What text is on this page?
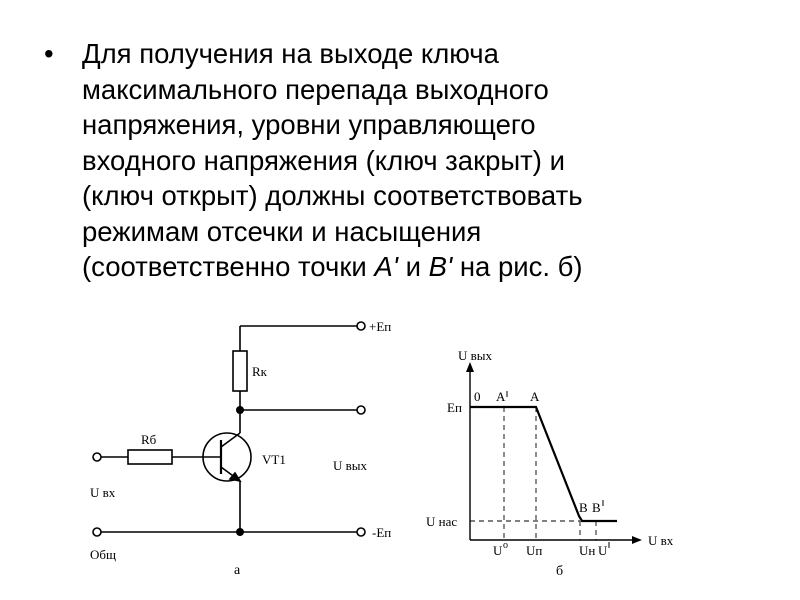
• Для получения на выходе ключа
максимального перепада выходного
напряжения, уровни управляющего
входного напряжения (ключ закрыт) и
(ключ открыт) должны соответствовать
режимам отсечки и насыщения
(соответственно точки A' и B' на рис. б)
+Eп
Rк
Rб
VT1	U вых
U вх
-Eп
Общ
а
U вых
U вх
Eп
U нас
0 A A
B B
U о Uп	Uн U
б
